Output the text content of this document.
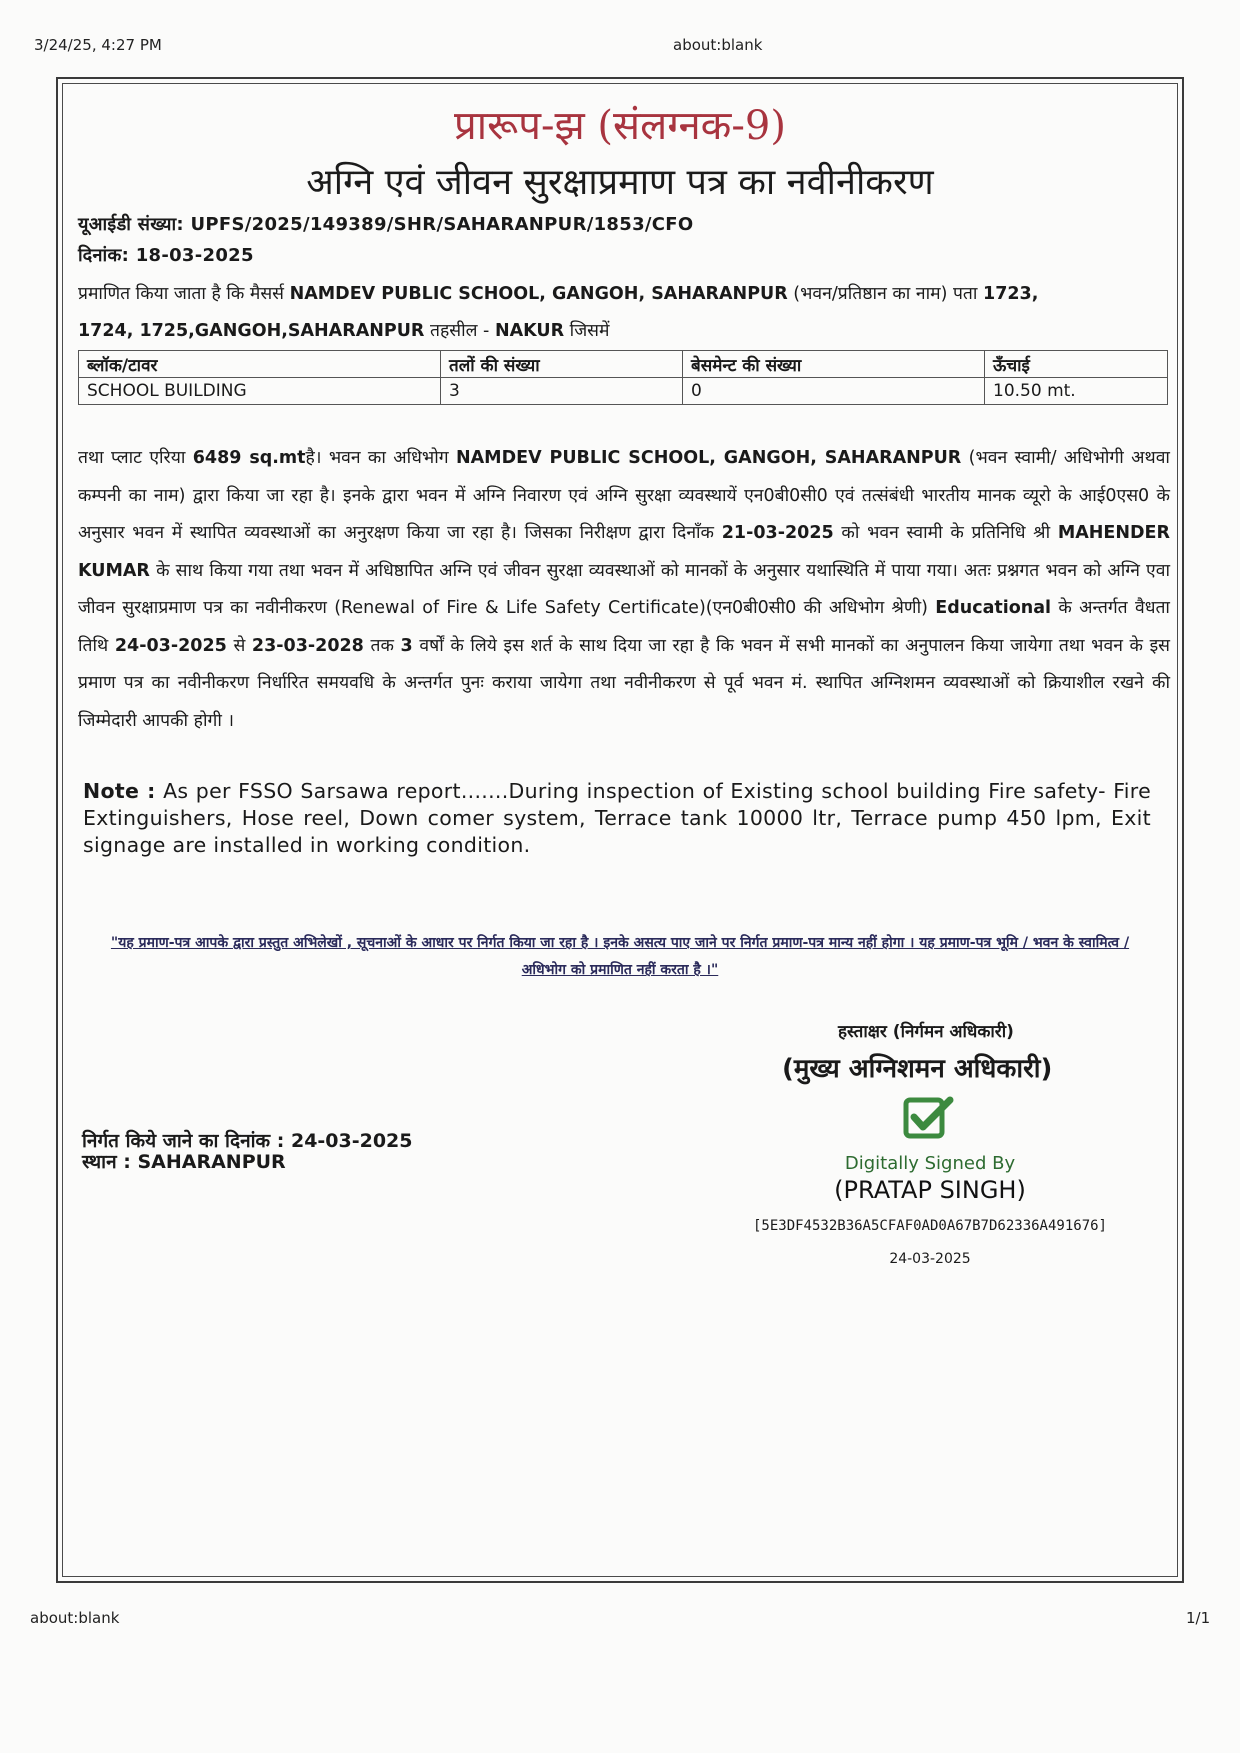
3/24/25, 4:27 PM	about:blank
प्रारूप-झ (संलग्नक-9)
अग्नि एवं जीवन सुरक्षाप्रमाण पत्र का नवीनीकरण
यूआईडी संख्या: UPFS/2025/149389/SHR/SAHARANPUR/1853/CFO
दिनांक: 18-03-2025
प्रमाणित किया जाता है कि मैसर्स NAMDEV PUBLIC SCHOOL, GANGOH, SAHARANPUR (भवन/प्रतिष्ठान का नाम) पता 1723,
1724, 1725,GANGOH,SAHARANPUR तहसील - NAKUR जिसमें
ब्लॉक/टावर	तलों की संख्या	बेसमेन्ट की संख्या	ऊँचाई
SCHOOL BUILDING	3	0	10.50 mt.
तथा प्लाट एरिया 6489 sq.mtहै। भवन का अधिभोग NAMDEV PUBLIC SCHOOL, GANGOH, SAHARANPUR (भवन स्वामी/ अधिभोगी अथवा कम्पनी का नाम) द्वारा किया जा रहा है। इनके द्वारा भवन में अग्नि निवारण एवं अग्नि सुरक्षा व्यवस्थायें एन0बी0सी0 एवं तत्संबंधी भारतीय मानक व्यूरो के आई0एस0 के अनुसार भवन में स्थापित व्यवस्थाओं का अनुरक्षण किया जा रहा है। जिसका निरीक्षण द्वारा दिनाँक 21-03-2025 को भवन स्वामी के प्रतिनिधि श्री MAHENDER KUMAR के साथ किया गया तथा भवन में अधिष्ठापित अग्नि एवं जीवन सुरक्षा व्यवस्थाओं को मानकों के अनुसार यथास्थिति में पाया गया। अतः प्रश्नगत भवन को अग्नि एवा जीवन सुरक्षाप्रमाण पत्र का नवीनीकरण (Renewal of Fire & Life Safety Certificate)(एन0बी0सी0 की अधिभोग श्रेणी) Educational के अन्तर्गत वैधता तिथि 24-03-2025 से 23-03-2028 तक 3 वर्षों के लिये इस शर्त के साथ दिया जा रहा है कि भवन में सभी मानकों का अनुपालन किया जायेगा तथा भवन के इस प्रमाण पत्र का नवीनीकरण निर्धारित समयवधि के अन्तर्गत पुनः कराया जायेगा तथा नवीनीकरण से पूर्व भवन मं. स्थापित अग्निशमन व्यवस्थाओं को क्रियाशील रखने की जिम्मेदारी आपकी होगी ।
Note : As per FSSO Sarsawa report.......During inspection of Existing school building Fire safety- Fire Extinguishers, Hose reel, Down comer system, Terrace tank 10000 ltr, Terrace pump 450 lpm, Exit signage are installed in working condition.
"यह प्रमाण-पत्र आपके द्वारा प्रस्तुत अभिलेखों , सूचनाओं के आधार पर निर्गत किया जा रहा है । इनके असत्य पाए जाने पर निर्गत प्रमाण-पत्र मान्य नहीं होगा । यह प्रमाण-पत्र भूमि / भवन के स्वामित्व / अधिभोग को प्रमाणित नहीं करता है ।"
हस्ताक्षर (निर्गमन अधिकारी)
(मुख्य अग्निशमन अधिकारी)
Digitally Signed By
(PRATAP SINGH)
[5E3DF4532B36A5CFAF0AD0A67B7D62336A491676]
24-03-2025
निर्गत किये जाने का दिनांक : 24-03-2025
स्थान : SAHARANPUR
about:blank	1/1
